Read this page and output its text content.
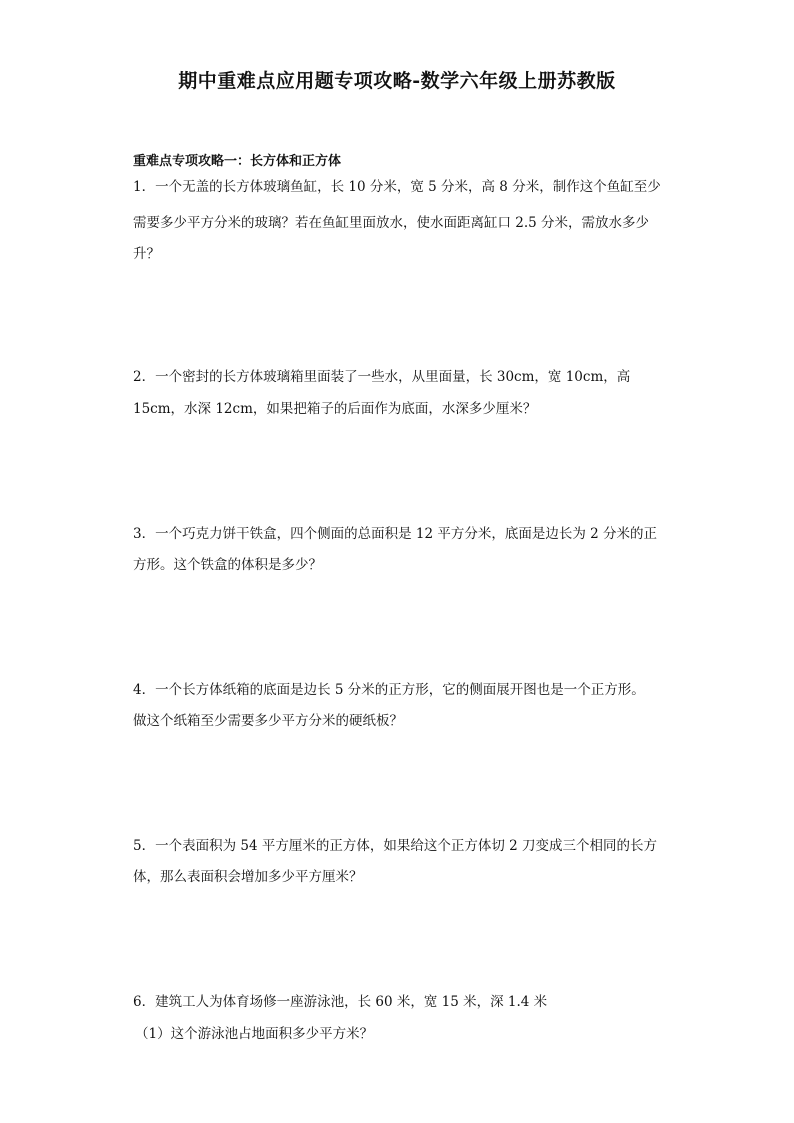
期中重难点应用题专项攻略-数学六年级上册苏教版
重难点专项攻略一：长方体和正方体
1．一个无盖的长方体玻璃鱼缸，长 10 分米，宽 5 分米，高 8 分米，制作这个鱼缸至少
需要多少平方分米的玻璃？若在鱼缸里面放水，使水面距离缸口 2.5 分米，需放水多少
升？
2．一个密封的长方体玻璃箱里面装了一些水，从里面量，长 30cm，宽 10cm，高
15cm，水深 12cm，如果把箱子的后面作为底面，水深多少厘米？
3．一个巧克力饼干铁盒，四个侧面的总面积是 12 平方分米，底面是边长为 2 分米的正
方形。这个铁盒的体积是多少？
4．一个长方体纸箱的底面是边长 5 分米的正方形，它的侧面展开图也是一个正方形。
做这个纸箱至少需要多少平方分米的硬纸板？
5．一个表面积为 54 平方厘米的正方体，如果给这个正方体切 2 刀变成三个相同的长方
体，那么表面积会增加多少平方厘米？
6．建筑工人为体育场修一座游泳池，长 60 米，宽 15 米，深 1.4 米
（1）这个游泳池占地面积多少平方米？
